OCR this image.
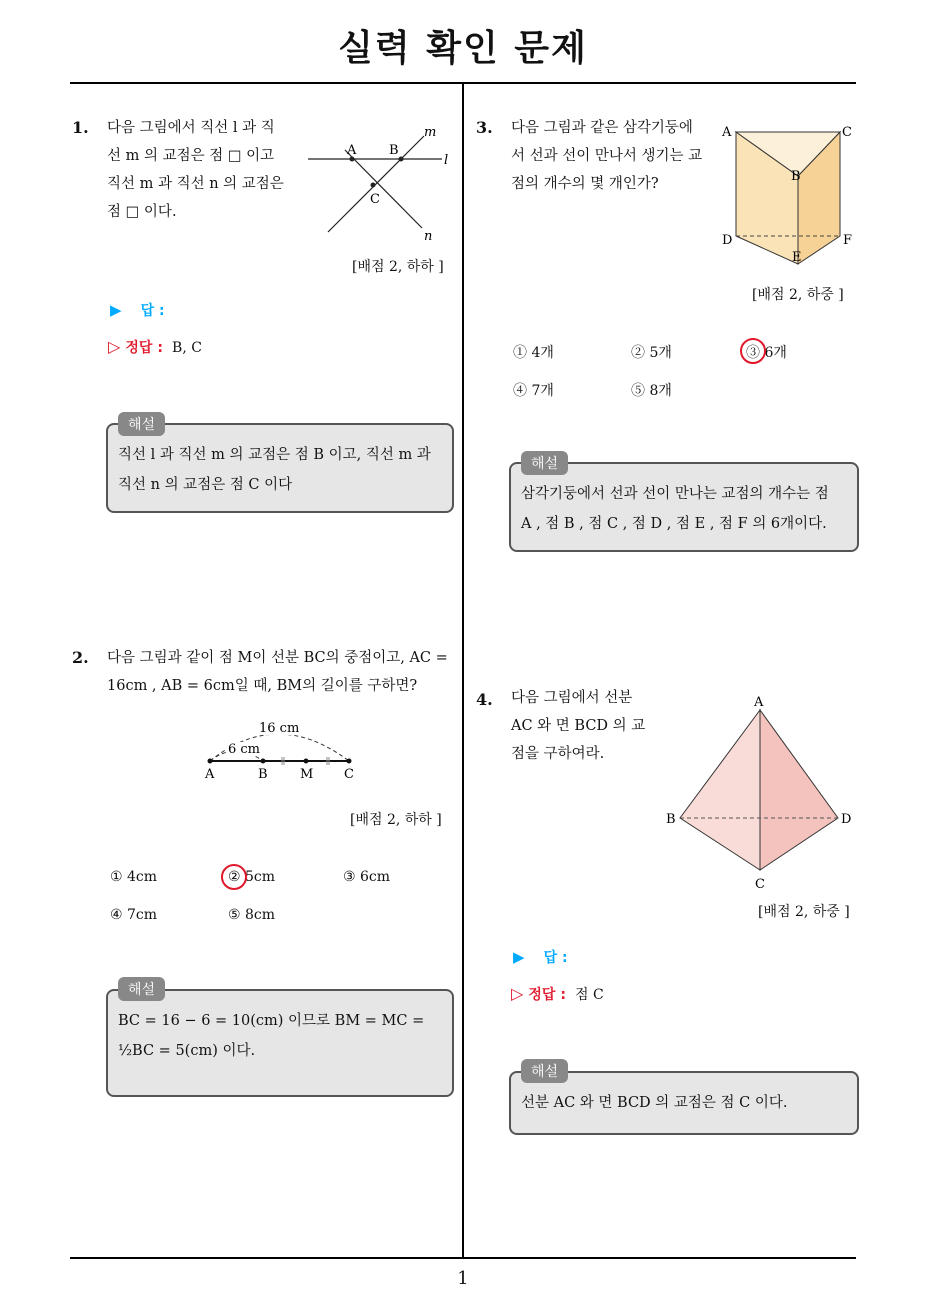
실력 확인 문제
1
1. 다음 그림에서 직선 l 과 직
선 m 의 교점은 점 □ 이고
직선 m 과 직선 n 의 교점은
점 □ 이다.
A	B
C
l
m
n
[배점 2, 하하 ]
▶ 답 :
▷ 정답 : B, C
해설
직선 l 과 직선 m 의 교점은 점 B 이고, 직선 m 과
직선 n 의 교점은 점 C 이다
2. 다음 그림과 같이 점 M이 선분 BC의 중점이고, AC =
16cm , AB = 6cm일 때, BM의 길이를 구하면?
16 cm
6 cm
A	B M C
[배점 2, 하하 ]
① 4cm	② 5cm	③ 6cm
④ 7cm	⑤ 8cm
해설
BC = 16 − 6 = 10(cm) 이므로 BM = MC =
½BC = 5(cm) 이다.
3. 다음 그림과 같은 삼각기둥에
서 선과 선이 만나서 생기는 교
점의 개수의 몇 개인가?
A	C
B
D	F
E
[배점 2, 하중 ]
① 4개	② 5개	③ 6개
④ 7개	⑤ 8개
해설
삼각기둥에서 선과 선이 만나는 교점의 개수는 점
A , 점 B , 점 C , 점 D , 점 E , 점 F 의 6개이다.
4. 다음 그림에서 선분
AC 와 면 BCD 의 교
점을 구하여라.
A
B	D
C
[배점 2, 하중 ]
▶ 답 :
▷ 정답 : 점 C
해설
선분 AC 와 면 BCD 의 교점은 점 C 이다.
